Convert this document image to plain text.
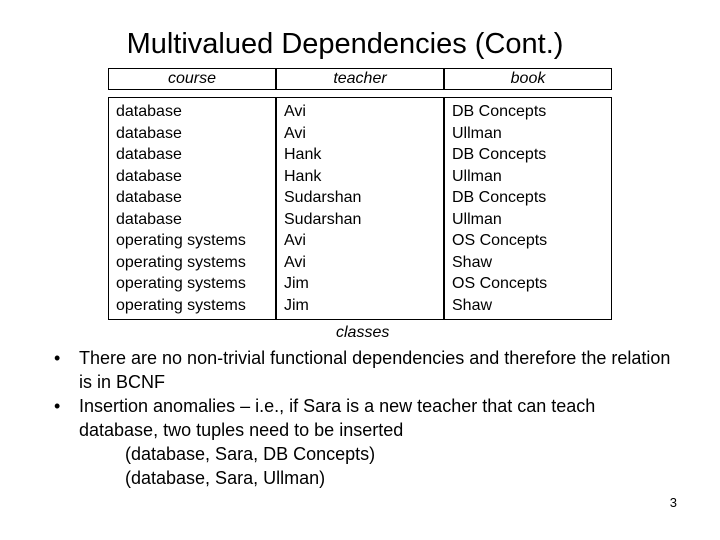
Multivalued Dependencies (Cont.)
course	teacher	book
database
database
database
database
database
database
operating systems
operating systems
operating systems
operating systems
Avi
Avi
Hank
Hank
Sudarshan
Sudarshan
Avi
Avi
Jim
Jim
DB Concepts
Ullman
DB Concepts
Ullman
DB Concepts
Ullman
OS Concepts
Shaw
OS Concepts
Shaw
classes
• There are no non-trivial functional dependencies and therefore the relation is in BCNF
• Insertion anomalies – i.e., if Sara is a new teacher that can teach database, two tuples need to be inserted
(database, Sara, DB Concepts)
(database, Sara, Ullman)
3
